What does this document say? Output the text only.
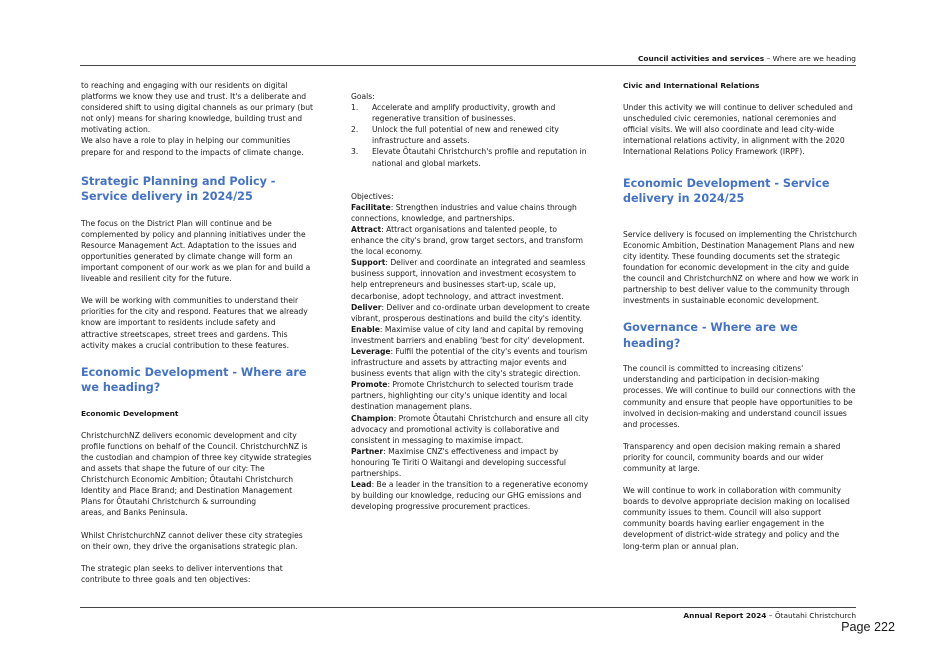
Council activities and services – Where are we heading

to reaching and engaging with our residents on digital platforms we know they use and trust. It's a deliberate and considered shift to using digital channels as our primary (but not only) means for sharing knowledge, building trust and motivating action.

We also have a role to play in helping our communities prepare for and respond to the impacts of climate change.

Strategic Planning and Policy - Service delivery in 2024/25

The focus on the District Plan will continue and be complemented by policy and planning initiatives under the Resource Management Act. Adaptation to the issues and opportunities generated by climate change will form an important component of our work as we plan for and build a liveable and resilient city for the future.

We will be working with communities to understand their priorities for the city and respond. Features that we already know are important to residents include safety and attractive streetscapes, street trees and gardens. This activity makes a crucial contribution to these features.

Economic Development - Where are we heading?

Economic Development

ChristchurchNZ delivers economic development and city profile functions on behalf of the Council. ChristchurchNZ is the custodian and champion of three key citywide strategies and assets that shape the future of our city: The Christchurch Economic Ambition; Ōtautahi Christchurch Identity and Place Brand; and Destination Management Plans for Ōtautahi Christchurch & surrounding

areas, and Banks Peninsula.

Whilst ChristchurchNZ cannot deliver these city strategies on their own, they drive the organisations strategic plan.

The strategic plan seeks to deliver interventions that contribute to three goals and ten objectives:

Goals:

1. Accelerate and amplify productivity, growth and regenerative transition of businesses.
2. Unlock the full potential of new and renewed city infrastructure and assets.
3. Elevate Ōtautahi Christchurch's profile and reputation in national and global markets.

Objectives:

Facilitate: Strengthen industries and value chains through connections, knowledge, and partnerships.

Attract: Attract organisations and talented people, to enhance the city's brand, grow target sectors, and transform the local economy.

Support: Deliver and coordinate an integrated and seamless business support, innovation and investment ecosystem to help entrepreneurs and businesses start-up, scale up, decarbonise, adopt technology, and attract investment.

Deliver: Deliver and co-ordinate urban development to create vibrant, prosperous destinations and build the city's identity.

Enable: Maximise value of city land and capital by removing investment barriers and enabling 'best for city' development.

Leverage: Fulfil the potential of the city's events and tourism infrastructure and assets by attracting major events and business events that align with the city's strategic direction.

Promote: Promote Christchurch to selected tourism trade partners, highlighting our city's unique identity and local destination management plans.

Champion: Promote Ōtautahi Christchurch and ensure all city advocacy and promotional activity is collaborative and consistent in messaging to maximise impact.

Partner: Maximise CNZ's effectiveness and impact by honouring Te Tiriti O Waitangi and developing successful partnerships.

Lead: Be a leader in the transition to a regenerative economy by building our knowledge, reducing our GHG emissions and developing progressive procurement practices.

Civic and International Relations

Under this activity we will continue to deliver scheduled and unscheduled civic ceremonies, national ceremonies and official visits. We will also coordinate and lead city-wide international relations activity, in alignment with the 2020 International Relations Policy Framework (IRPF).

Economic Development - Service delivery in 2024/25

Service delivery is focused on implementing the Christchurch Economic Ambition, Destination Management Plans and new city identity. These founding documents set the strategic foundation for economic development in the city and guide the council and ChristchurchNZ on where and how we work in partnership to best deliver value to the community through investments in sustainable economic development.

Governance - Where are we heading?

The council is committed to increasing citizens' understanding and participation in decision-making processes. We will continue to build our connections with the community and ensure that people have opportunities to be involved in decision-making and understand council issues and processes.

Transparency and open decision making remain a shared priority for council, community boards and our wider community at large.

We will continue to work in collaboration with community boards to devolve appropriate decision making on localised community issues to them. Council will also support community boards having earlier engagement in the development of district-wide strategy and policy and the long-term plan or annual plan.

Annual Report 2024 – Ōtautahi Christchurch
Page 222
